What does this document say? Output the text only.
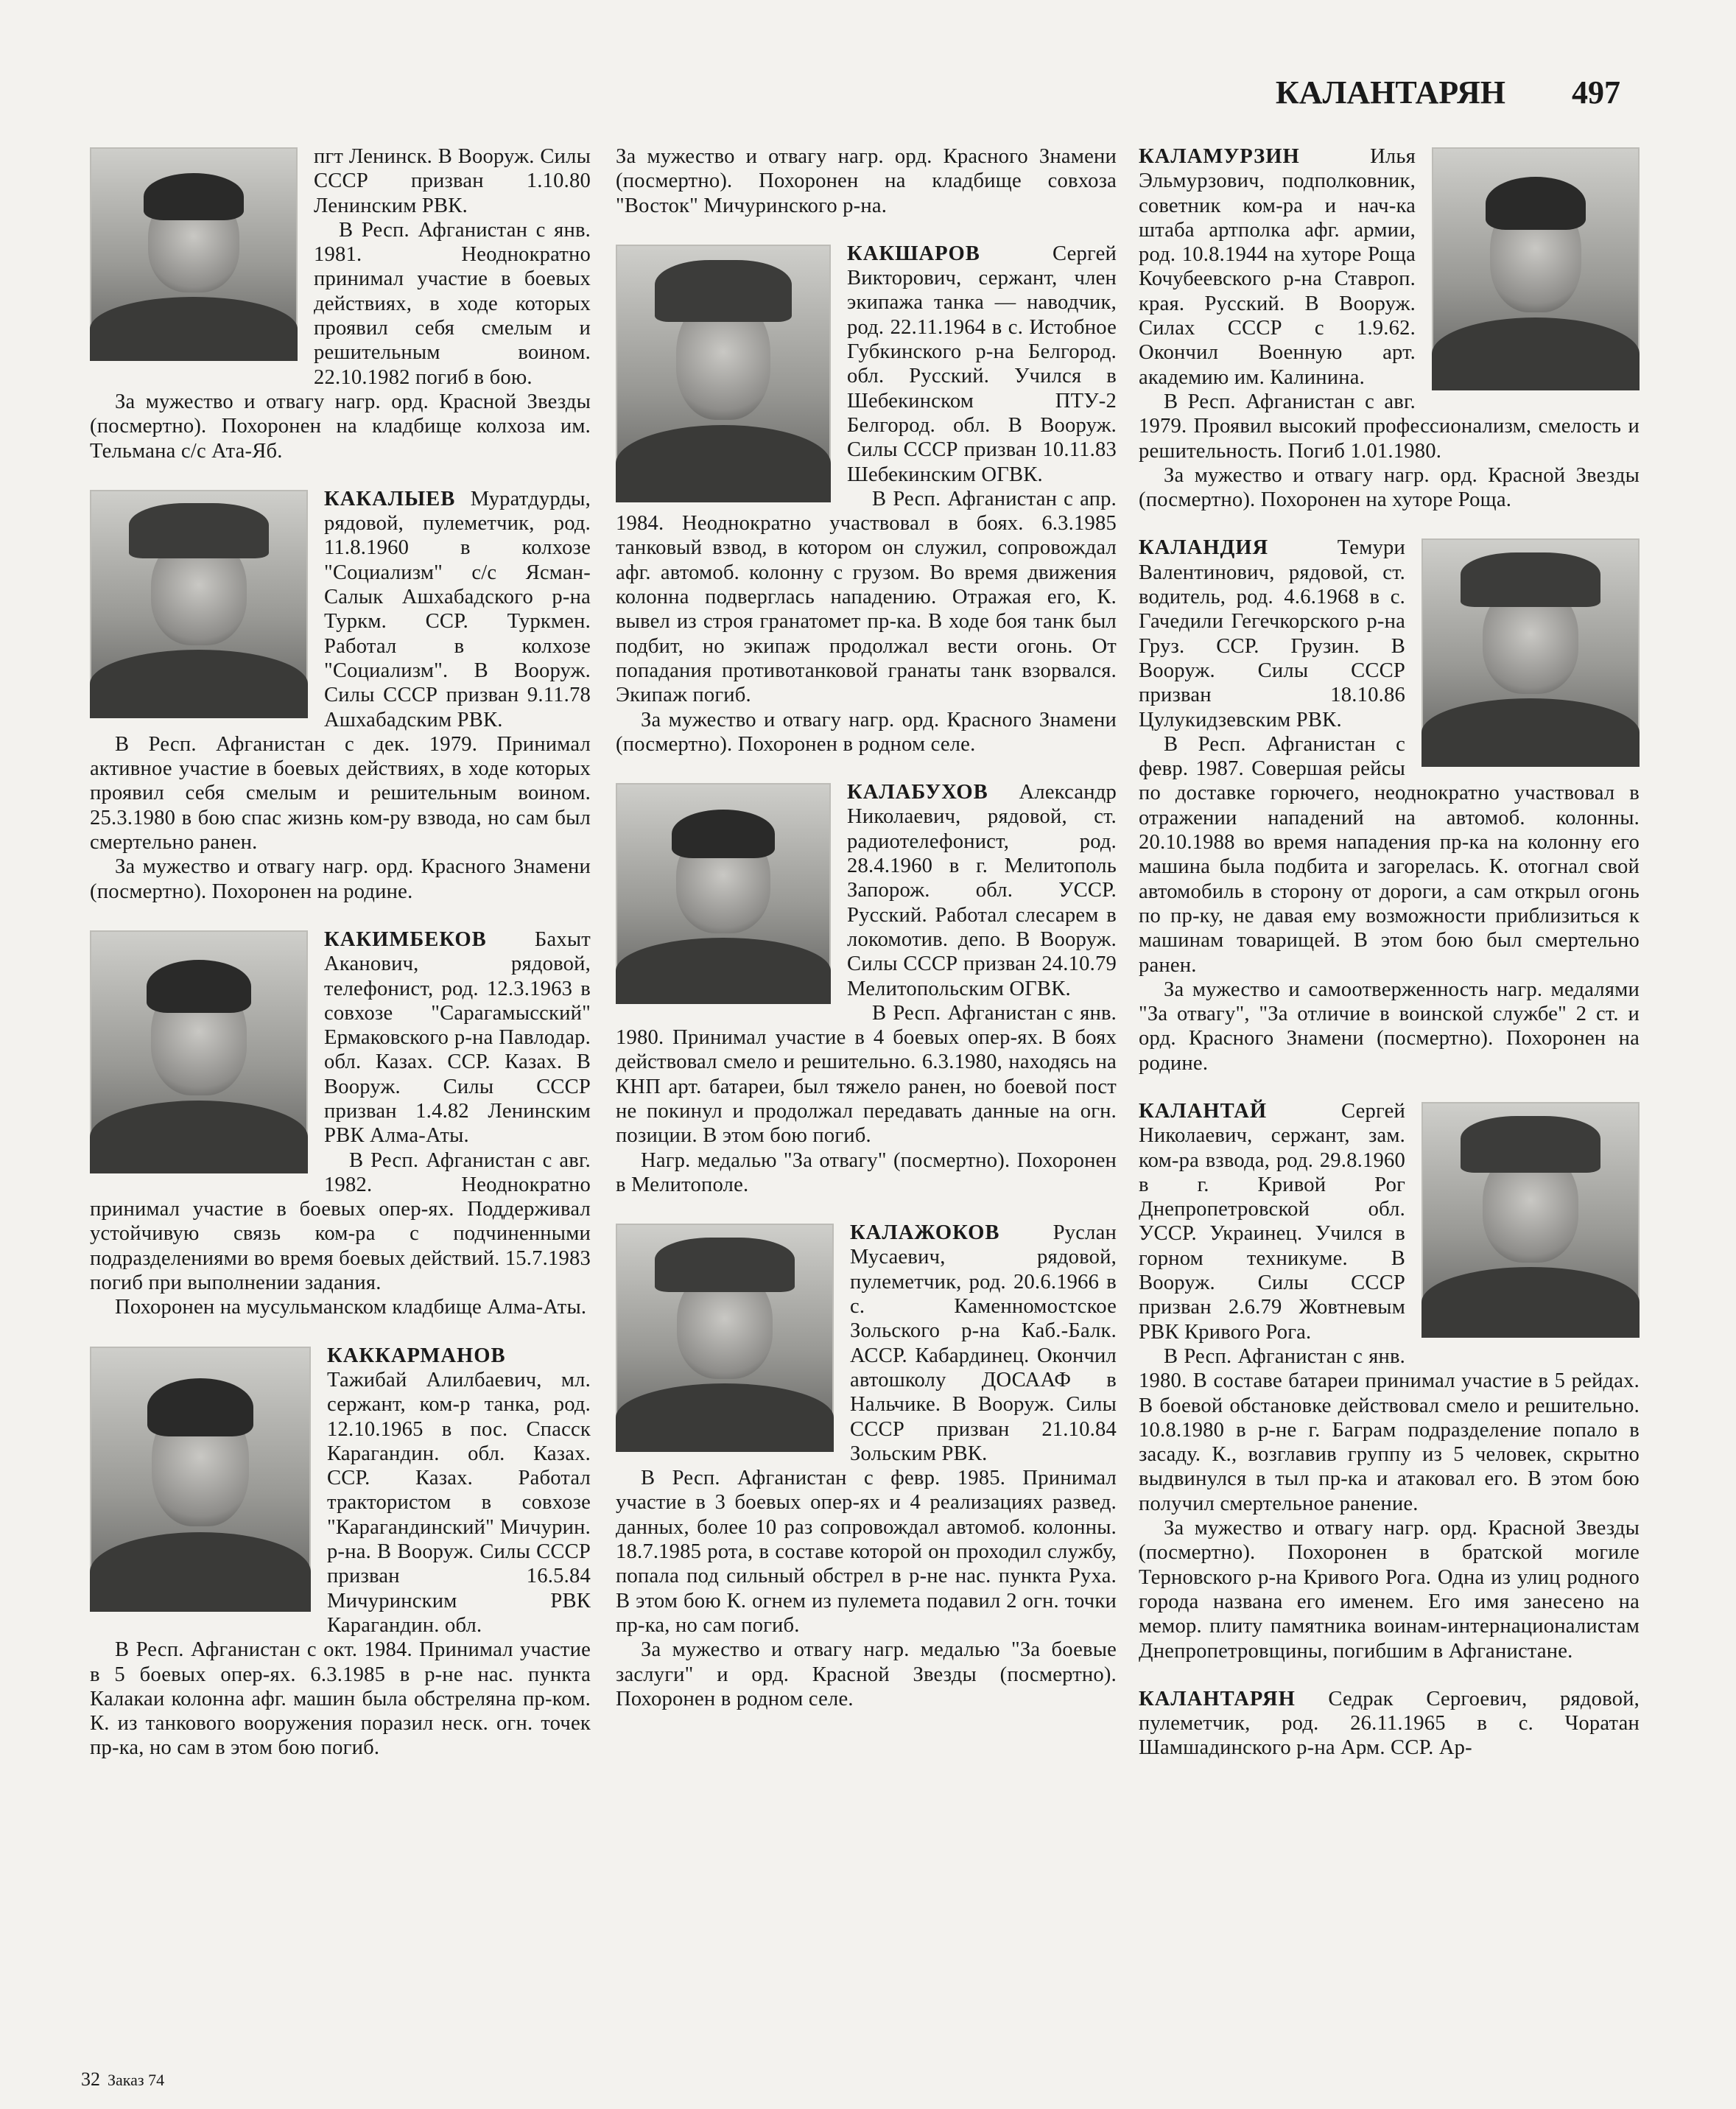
КАЛАНТАРЯН 497

пгт Ленинск. В Вооруж. Силы СССР призван 1.10.80 Ленинским РВК.

В Респ. Афганистан с янв. 1981. Неоднократно принимал участие в боевых действиях, в ходе которых проявил себя смелым и решительным воином. 22.10.1982 погиб в бою.

За мужество и отвагу нагр. орд. Красной Звезды (посмертно). Похоронен на кладбище колхоза им. Тельмана с/с Ата-Яб.

КАКАЛЫЕВ Муратдурды, рядовой, пулеметчик, род. 11.8.1960 в колхозе "Социализм" с/с Ясман-Салык Ашхабадского р-на Туркм. ССР. Туркмен. Работал в колхозе "Социализм". В Вооруж. Силы СССР призван 9.11.78 Ашхабадским РВК.

В Респ. Афганистан с дек. 1979. Принимал активное участие в боевых действиях, в ходе которых проявил себя смелым и решительным воином. 25.3.1980 в бою спас жизнь ком-ру взвода, но сам был смертельно ранен.

За мужество и отвагу нагр. орд. Красного Знамени (посмертно). Похоронен на родине.

КАКИМБЕКОВ Бахыт Аканович, рядовой, телефонист, род. 12.3.1963 в совхозе "Сарагамысский" Ермаковского р-на Павлодар. обл. Казах. ССР. Казах. В Вооруж. Силы СССР призван 1.4.82 Ленинским РВК Алма-Аты.

В Респ. Афганистан с авг. 1982. Неоднократно принимал участие в боевых опер-ях. Поддерживал устойчивую связь ком-ра с подчиненными подразделениями во время боевых действий. 15.7.1983 погиб при выполнении задания.

Похоронен на мусульманском кладбище Алма-Аты.

КАККАРМАНОВ Тажибай Алилбаевич, мл. сержант, ком-р танка, род. 12.10.1965 в пос. Спасск Карагандин. обл. Казах. ССР. Казах. Работал трактористом в совхозе "Карагандинский" Мичурин. р-на. В Вооруж. Силы СССР призван 16.5.84 Мичуринским РВК Карагандин. обл.

В Респ. Афганистан с окт. 1984. Принимал участие в 5 боевых опер-ях. 6.3.1985 в р-не нас. пункта Калакаи колонна афг. машин была обстреляна пр-ком. К. из танкового вооружения поразил неск. огн. точек пр-ка, но сам в этом бою погиб.

За мужество и отвагу нагр. орд. Красного Знамени (посмертно). Похоронен на кладбище совхоза "Восток" Мичуринского р-на.

КАКШАРОВ	Сергей Викторович, сержант, член экипажа танка — наводчик, род. 22.11.1964 в с. Истобное Губкинского р-на Белгород. обл. Русский. Учился в Шебекинском ПТУ-2 Белгород. обл. В Вооруж. Силы СССР призван 10.11.83 Шебекинским ОГВК.

В Респ. Афганистан с апр. 1984. Неоднократно участвовал в боях. 6.3.1985 танковый взвод, в котором он служил, сопровождал афг. автомоб. колонну с грузом. Во время движения колонна подверглась нападению. Отражая его, К. вывел из строя гранатомет пр-ка. В ходе боя танк был подбит, но экипаж продолжал вести огонь. От попадания противотанковой гранаты танк взорвался. Экипаж погиб.

За мужество и отвагу нагр. орд. Красного Знамени (посмертно). Похоронен в родном селе.

КАЛАБУХОВ Александр Николаевич, рядовой, ст. радиотелефонист, род. 28.4.1960 в г. Мелитополь Запорож. обл. УССР. Русский. Работал слесарем в локомотив. депо. В Вооруж. Силы СССР призван 24.10.79 Мелитопольским ОГВК.

В Респ. Афганистан с янв. 1980. Принимал участие в 4 боевых опер-ях. В боях действовал смело и решительно. 6.3.1980, находясь на КНП арт. батареи, был тяжело ранен, но боевой пост не покинул и продолжал передавать данные на огн. позиции. В этом бою погиб.

Нагр. медалью "За отвагу" (посмертно). Похоронен в Мелитополе.

КАЛАЖОКОВ	Руслан Мусаевич, рядовой, пулеметчик, род. 20.6.1966 в с. Каменномостское Зольского р-на Каб.-Балк. АССР. Кабардинец. Окончил автошколу ДОСААФ в Нальчике. В Вооруж. Силы СССР призван 21.10.84 Зольским РВК.

В Респ. Афганистан с февр. 1985. Принимал участие в 3 боевых опер-ях и 4 реализациях развед. данных, более 10 раз сопровождал автомоб. колонны. 18.7.1985 рота, в составе которой он проходил службу, попала под сильный обстрел в р-не нас. пункта Руха. В этом бою К. огнем из пулемета подавил 2 огн. точки пр-ка, но сам погиб.

За мужество и отвагу нагр. медалью "За боевые заслуги" и орд. Красной Звезды (посмертно). Похоронен в родном селе.

КАЛАМУРЗИН	Илья Эльмурзович, подполковник, советник ком-ра и нач-ка штаба артполка афг. армии, род. 10.8.1944 на хуторе Роща Кочубеевского р-на Ставроп. края. Русский. В Вооруж. Силах СССР с 1.9.62. Окончил Военную арт. академию им. Калинина.

В Респ. Афганистан с авг. 1979. Проявил высокий профессионализм, смелость и решительность. Погиб 1.01.1980.

За мужество и отвагу нагр. орд. Красной Звезды (посмертно). Похоронен на хуторе Роща.

КАЛАНДИЯ	Темури Валентинович, рядовой, ст. водитель, род. 4.6.1968 в с. Гачедили Гегечкорского р-на Груз. ССР. Грузин. В Вооруж. Силы СССР призван 18.10.86 Цулукидзевским РВК.

В Респ. Афганистан с февр. 1987. Совершая рейсы по доставке горючего, неоднократно участвовал в отражении нападений на автомоб. колонны. 20.10.1988 во время нападения пр-ка на колонну его машина была подбита и загорелась. К. отогнал свой автомобиль в сторону от дороги, а сам открыл огонь по пр-ку, не давая ему возможности приблизиться к машинам товарищей. В этом бою был смертельно ранен.

За мужество и самоотверженность нагр. медалями "За отвагу", "За отличие в воинской службе" 2 ст. и орд. Красного Знамени (посмертно). Похоронен на родине.

КАЛАНТАЙ	Сергей Николаевич, сержант, зам. ком-ра взвода, род. 29.8.1960 в г. Кривой Рог Днепропетровской обл. УССР. Украинец. Учился в горном техникуме. В Вооруж. Силы СССР призван 2.6.79 Жовтневым РВК Кривого Рога.

В Респ. Афганистан с янв. 1980. В составе батареи принимал участие в 5 рейдах. В боевой обстановке действовал смело и решительно. 10.8.1980 в р-не г. Баграм подразделение попало в засаду. К., возглавив группу из 5 человек, скрытно выдвинулся в тыл пр-ка и атаковал его. В этом бою получил смертельное ранение.

За мужество и отвагу нагр. орд. Красной Звезды (посмертно). Похоронен в братской могиле Терновского р-на Кривого Рога. Одна из улиц родного города названа его именем. Его имя занесено на мемор. плиту памятника воинам-интернационалистам Днепропетровщины, погибшим в Афганистане.

КАЛАНТАРЯН Седрак Сергоевич, рядовой, пулеметчик, род. 26.11.1965 в с. Чоратан Шамшадинского р-на Арм. ССР. Ар-

32 Заказ 74
